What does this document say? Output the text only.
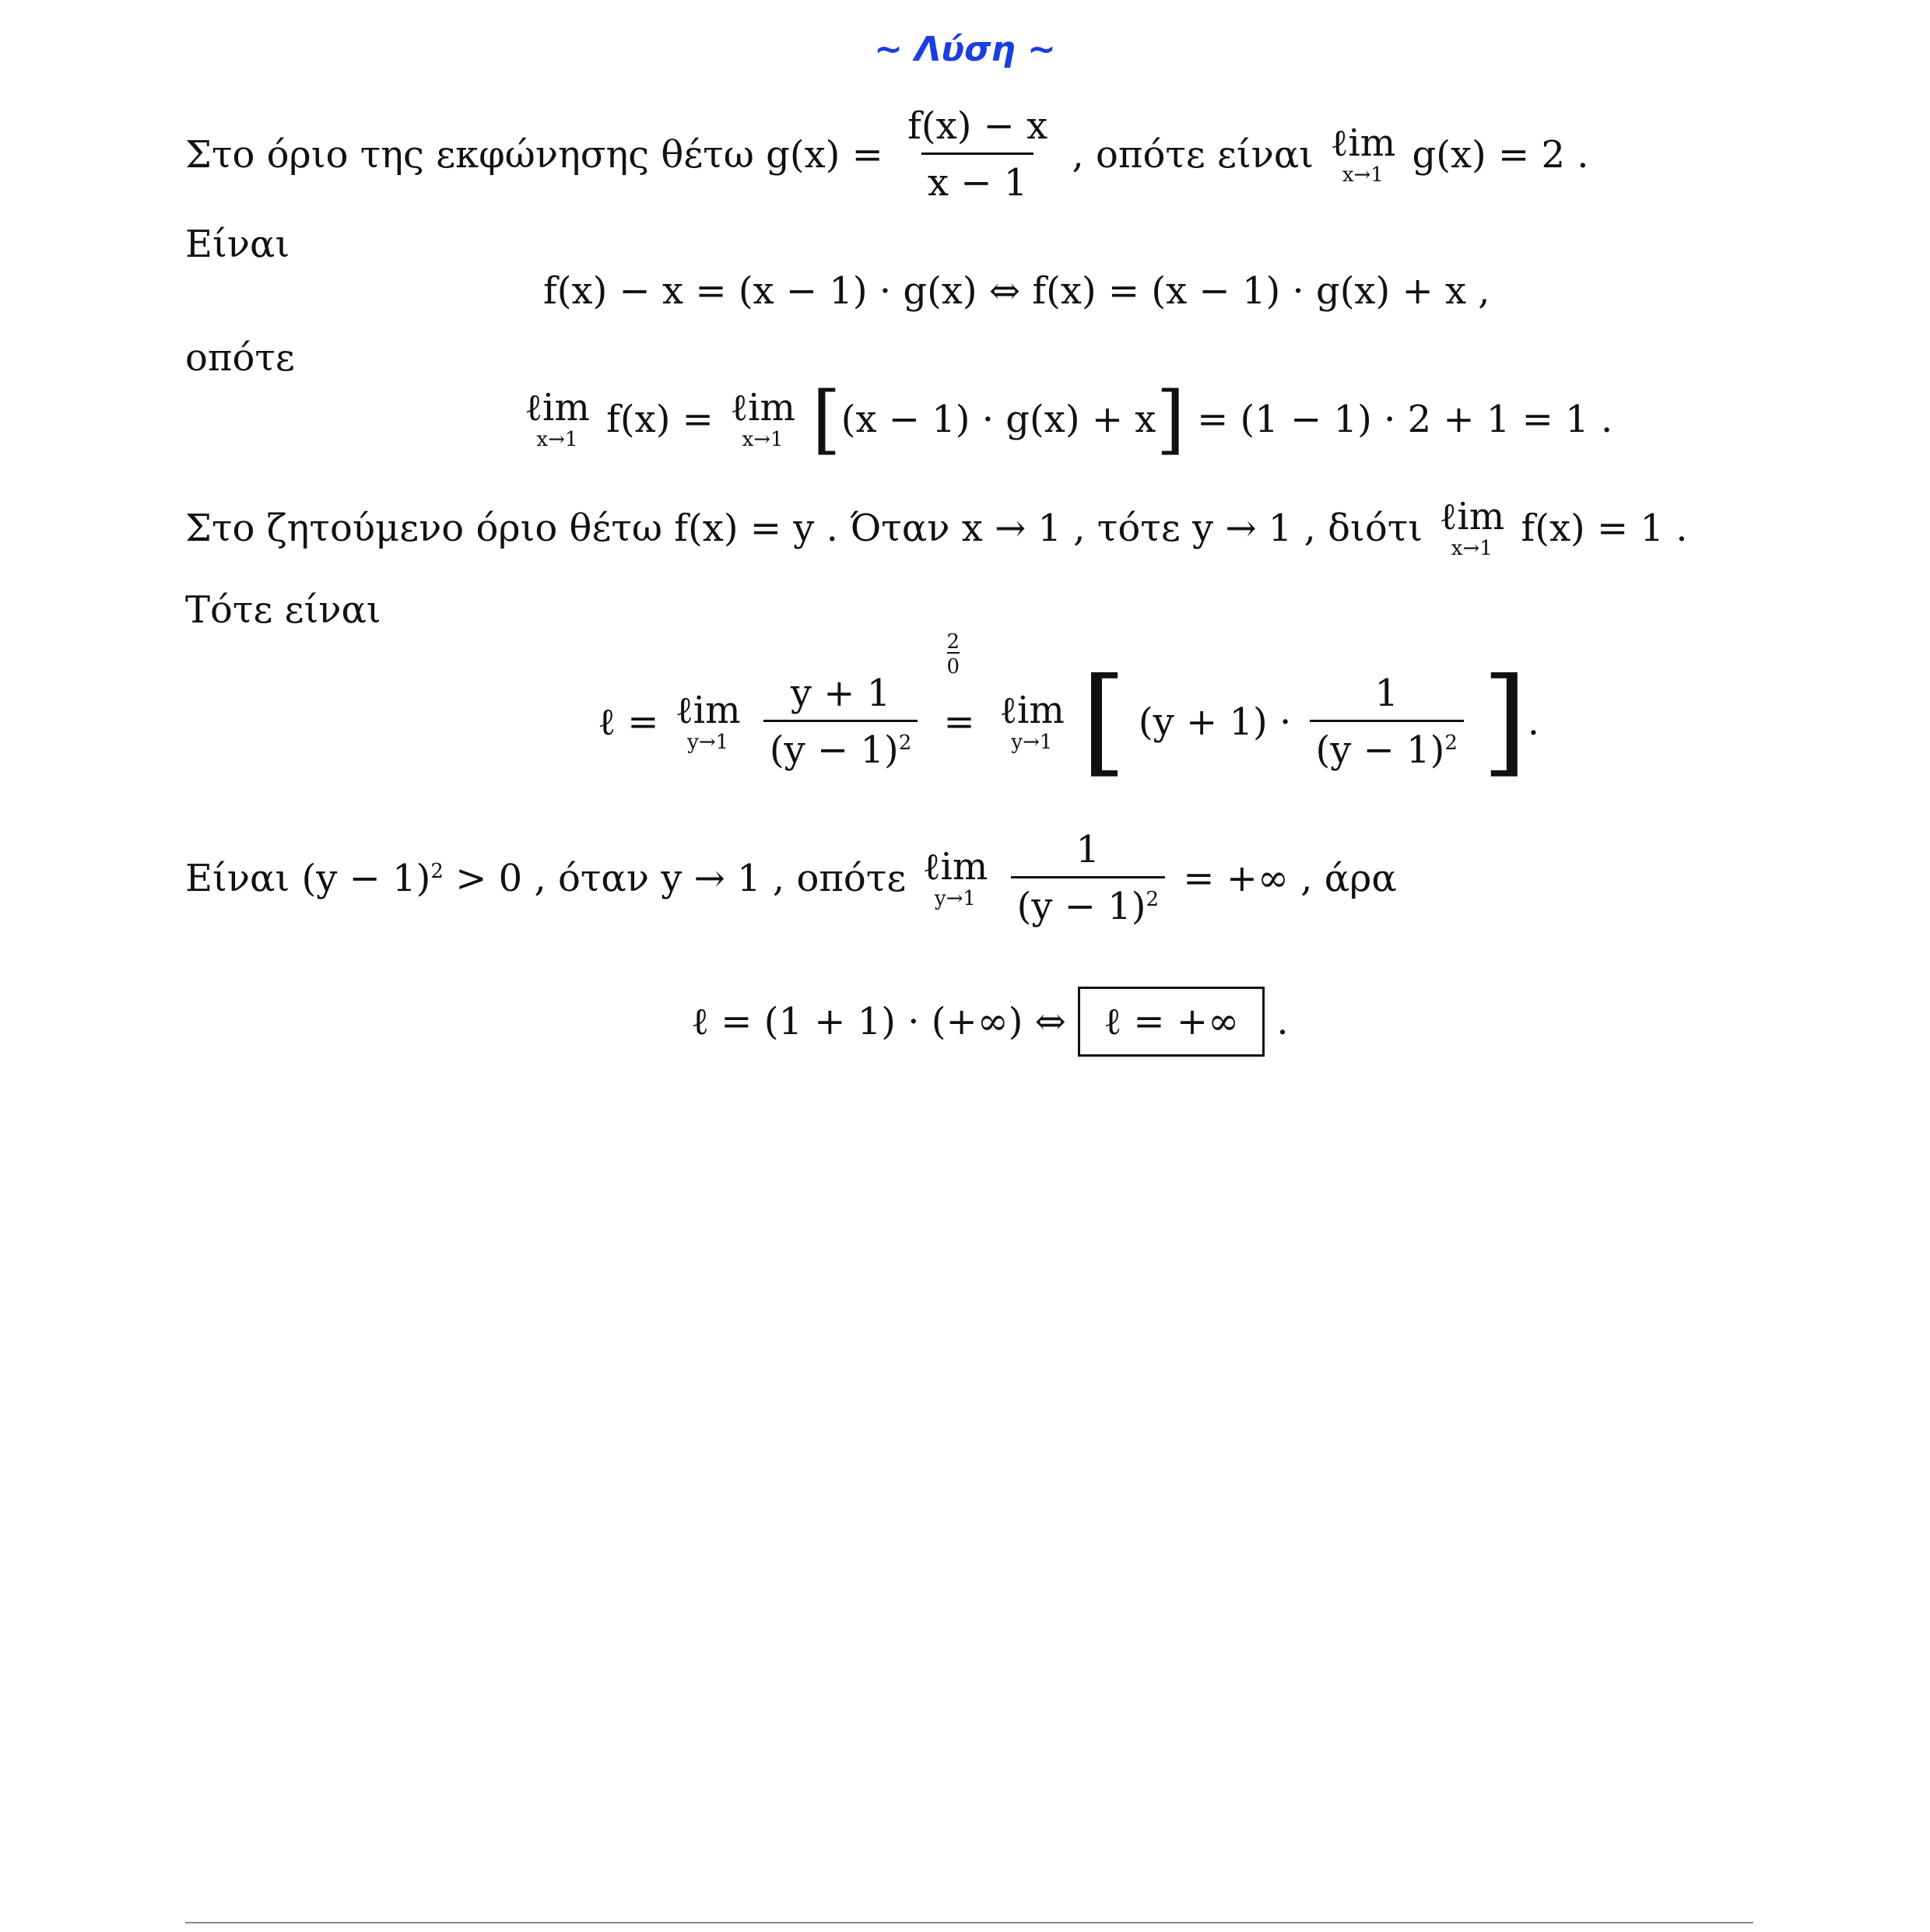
~ Λύση ~
Στο όριο της εκφώνησης θέτω $g(x) = \frac{f(x) - x}{x - 1}$ , οπότε είναι ℓim
x→1 g(x) = 2 .
Είναι
f(x) − x = (x − 1) · g(x) ⇔ f(x) = (x − 1) · g(x) + x ,
οπότε
ℓim
x→1 f(x) = ℓim
x→1 [(x − 1) · g(x) + x] = (1 − 1) · 2 + 1 = 1 .
Στο ζητούμενο όριο θέτω f(x) = y . Όταν x → 1 , τότε y → 1 , διότι ℓim
x→1 f(x) = 1 .
Τότε είναι
ℓ = ℓim
y→1
$\frac{y + 1}{(y - 1)^2}$

$\frac{2}{0}$
= ℓim
y→1 [ $(y + 1) \cdot \frac{1}{(y - 1)^2}$ ].
Είναι $(y - 1)^2 > 0$ , όταν y → 1 , οπότε ℓim
y→1
$\frac{1}{(y - 1)^2}$ = +∞ , άρα
ℓ = (1 + 1) · (+∞) ⇔ ℓ = +∞ .
